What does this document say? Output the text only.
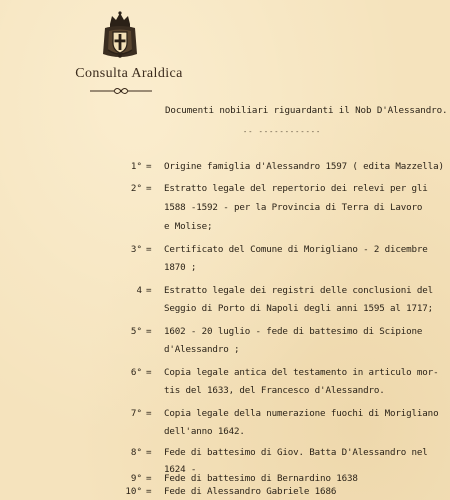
Consulta Araldica
Documenti nobiliari riguardanti il Nob D'Alessandro.
-- ------------
1° = Origine famiglia d'Alessandro 1597 ( edita Mazzella)
2° = Estratto legale del repertorio dei relevi per gli
1588 -1592 - per la Provincia di Terra di Lavoro
e Molise;
3° = Certificato del Comune di Morigliano - 2 dicembre
1870 ;
4 = Estratto legale dei registri delle conclusioni del
Seggio di Porto di Napoli degli anni 1595 al 1717;
5° = 1602 - 20 luglio - fede di battesimo di Scipione
d'Alessandro ;
6° = Copia legale antica del testamento in articulo mor-
tis del 1633, del Francesco d'Alessandro.
7° = Copia legale della numerazione fuochi di Morigliano
dell'anno 1642.
8° = Fede di battesimo di Giov. Batta D'Alessandro nel
1624 -
9° = Fede di battesimo di Bernardino 1638
10° = Fede di Alessandro Gabriele 1686
